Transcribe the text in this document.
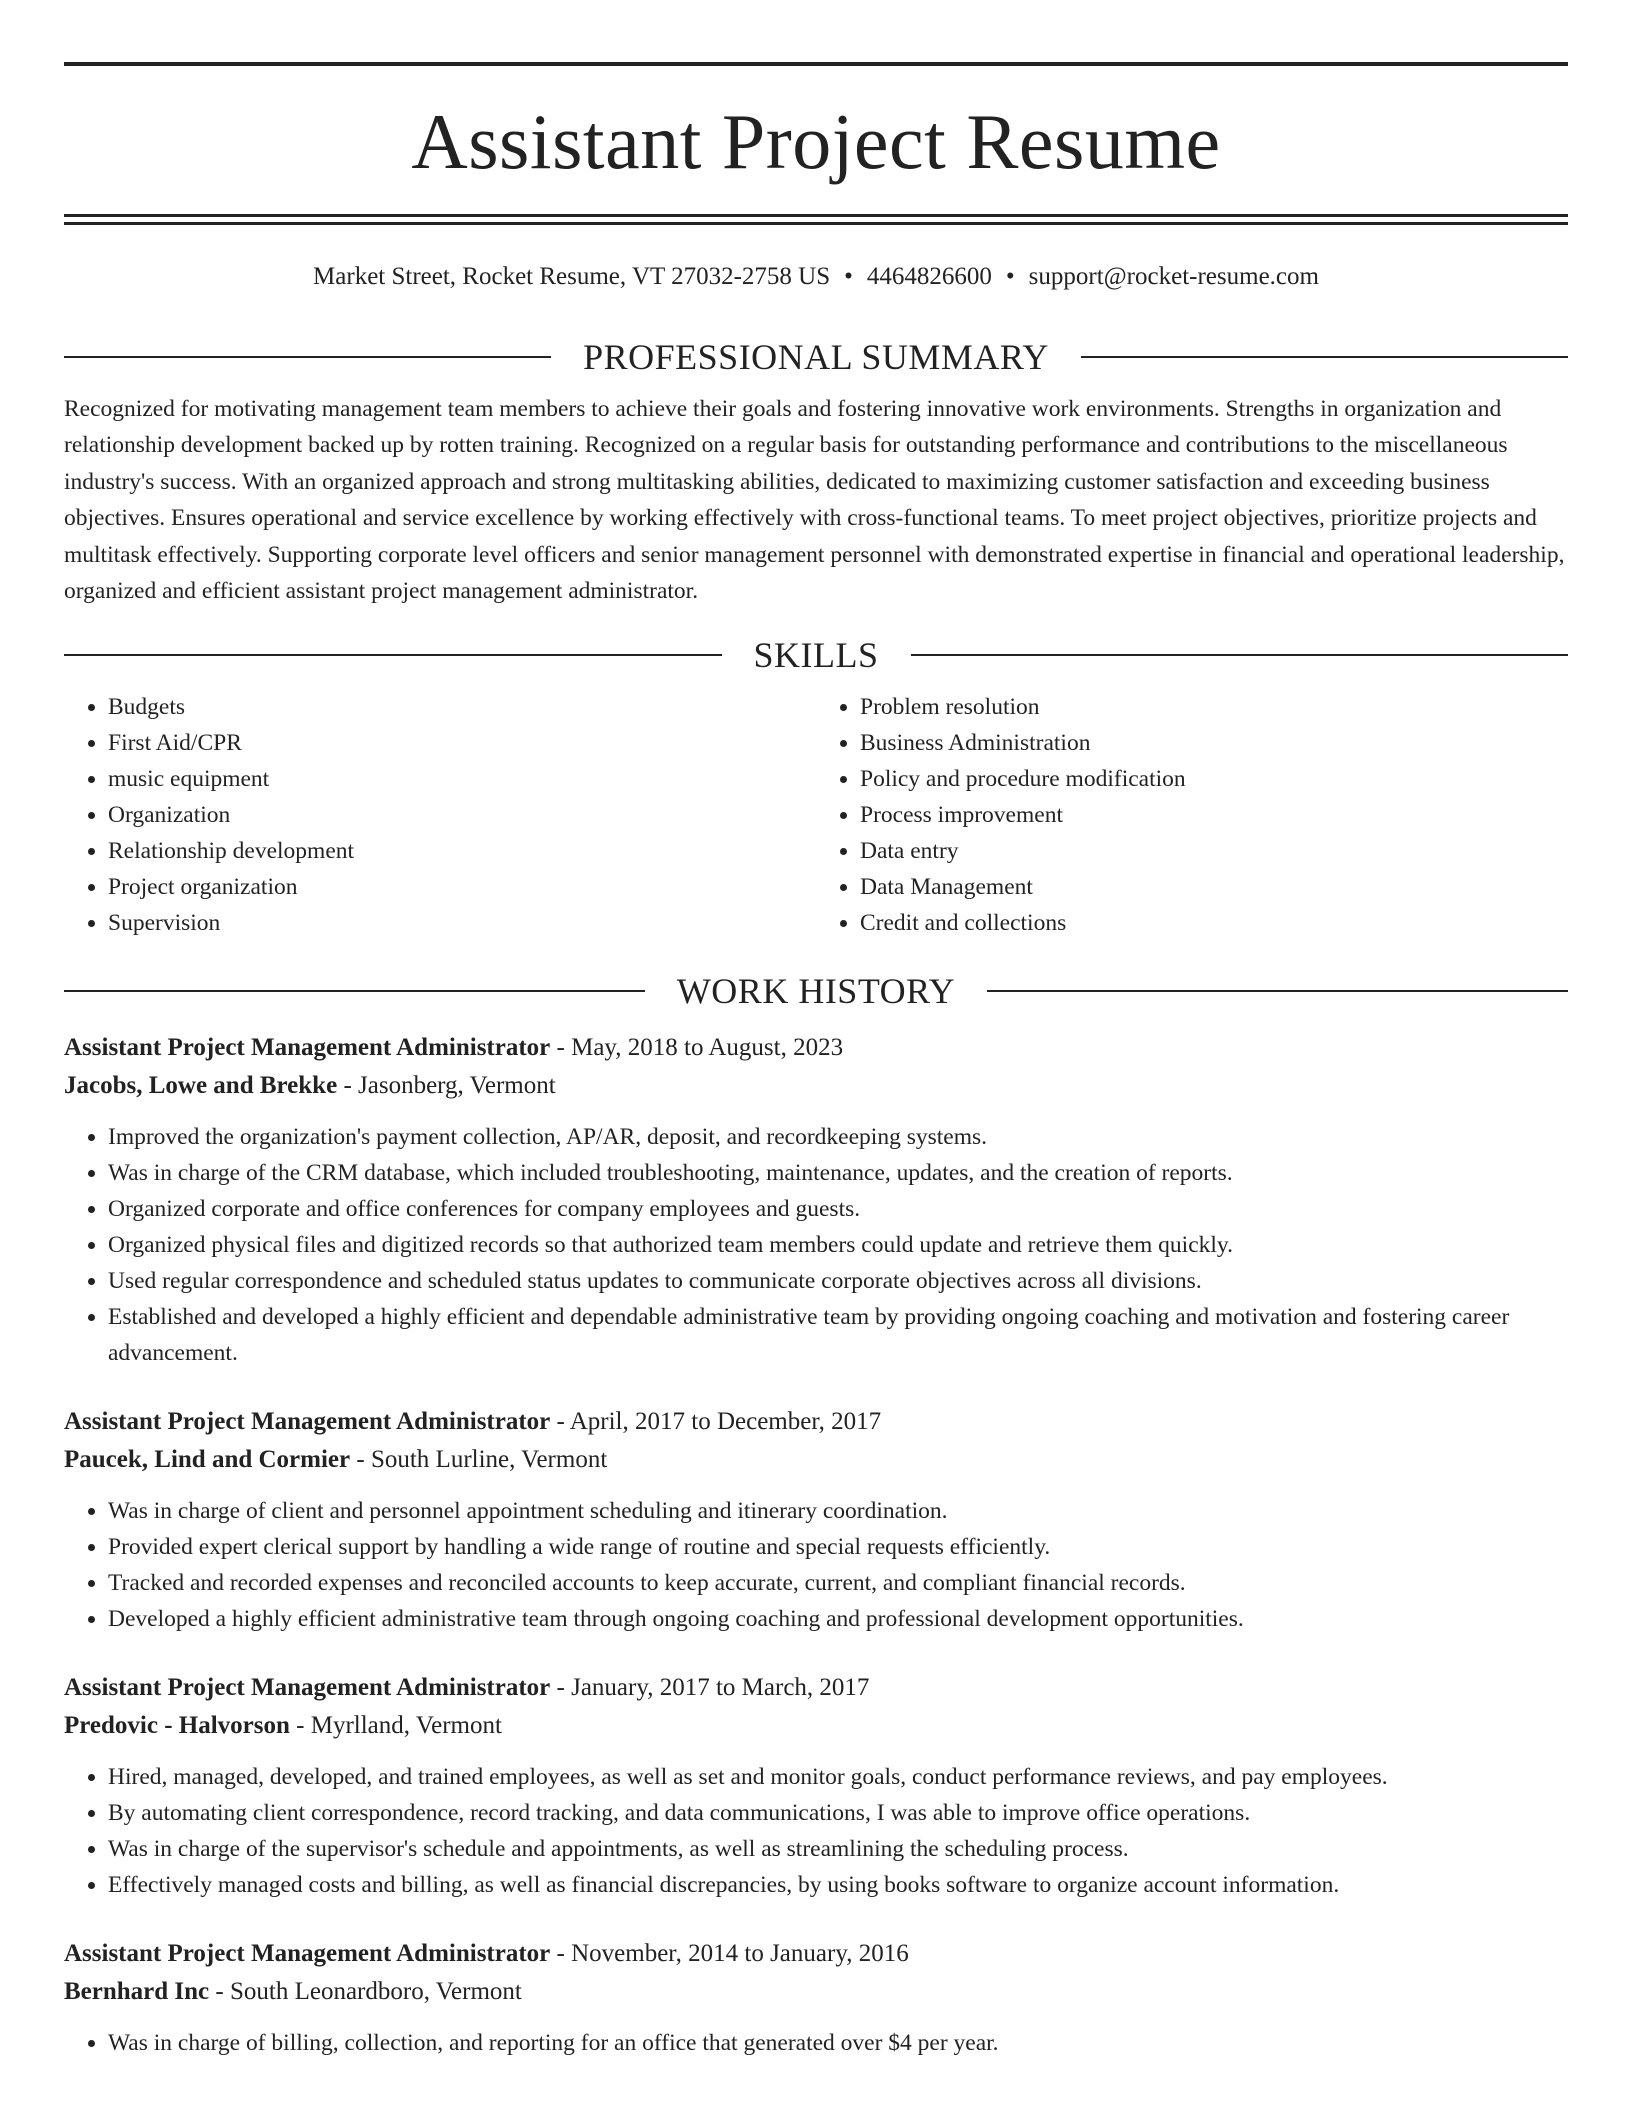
Assistant Project Resume
Market Street, Rocket Resume, VT 27032-2758 US • 4464826600 • support@rocket-resume.com
PROFESSIONAL SUMMARY
Recognized for motivating management team members to achieve their goals and fostering innovative work environments. Strengths in organization and relationship development backed up by rotten training. Recognized on a regular basis for outstanding performance and contributions to the miscellaneous industry's success. With an organized approach and strong multitasking abilities, dedicated to maximizing customer satisfaction and exceeding business objectives. Ensures operational and service excellence by working effectively with cross-functional teams. To meet project objectives, prioritize projects and multitask effectively. Supporting corporate level officers and senior management personnel with demonstrated expertise in financial and operational leadership, organized and efficient assistant project management administrator.
SKILLS
• Budgets
• First Aid/CPR
• music equipment
• Organization
• Relationship development
• Project organization
• Supervision
• Problem resolution
• Business Administration
• Policy and procedure modification
• Process improvement
• Data entry
• Data Management
• Credit and collections
WORK HISTORY
Assistant Project Management Administrator - May, 2018 to August, 2023
Jacobs, Lowe and Brekke - Jasonberg, Vermont
• Improved the organization's payment collection, AP/AR, deposit, and recordkeeping systems.
• Was in charge of the CRM database, which included troubleshooting, maintenance, updates, and the creation of reports.
• Organized corporate and office conferences for company employees and guests.
• Organized physical files and digitized records so that authorized team members could update and retrieve them quickly.
• Used regular correspondence and scheduled status updates to communicate corporate objectives across all divisions.
• Established and developed a highly efficient and dependable administrative team by providing ongoing coaching and motivation and fostering career advancement.
Assistant Project Management Administrator - April, 2017 to December, 2017
Paucek, Lind and Cormier - South Lurline, Vermont
• Was in charge of client and personnel appointment scheduling and itinerary coordination.
• Provided expert clerical support by handling a wide range of routine and special requests efficiently.
• Tracked and recorded expenses and reconciled accounts to keep accurate, current, and compliant financial records.
• Developed a highly efficient administrative team through ongoing coaching and professional development opportunities.
Assistant Project Management Administrator - January, 2017 to March, 2017
Predovic - Halvorson - Myrlland, Vermont
• Hired, managed, developed, and trained employees, as well as set and monitor goals, conduct performance reviews, and pay employees.
• By automating client correspondence, record tracking, and data communications, I was able to improve office operations.
• Was in charge of the supervisor's schedule and appointments, as well as streamlining the scheduling process.
• Effectively managed costs and billing, as well as financial discrepancies, by using books software to organize account information.
Assistant Project Management Administrator - November, 2014 to January, 2016
Bernhard Inc - South Leonardboro, Vermont
• Was in charge of billing, collection, and reporting for an office that generated over $4 per year.
